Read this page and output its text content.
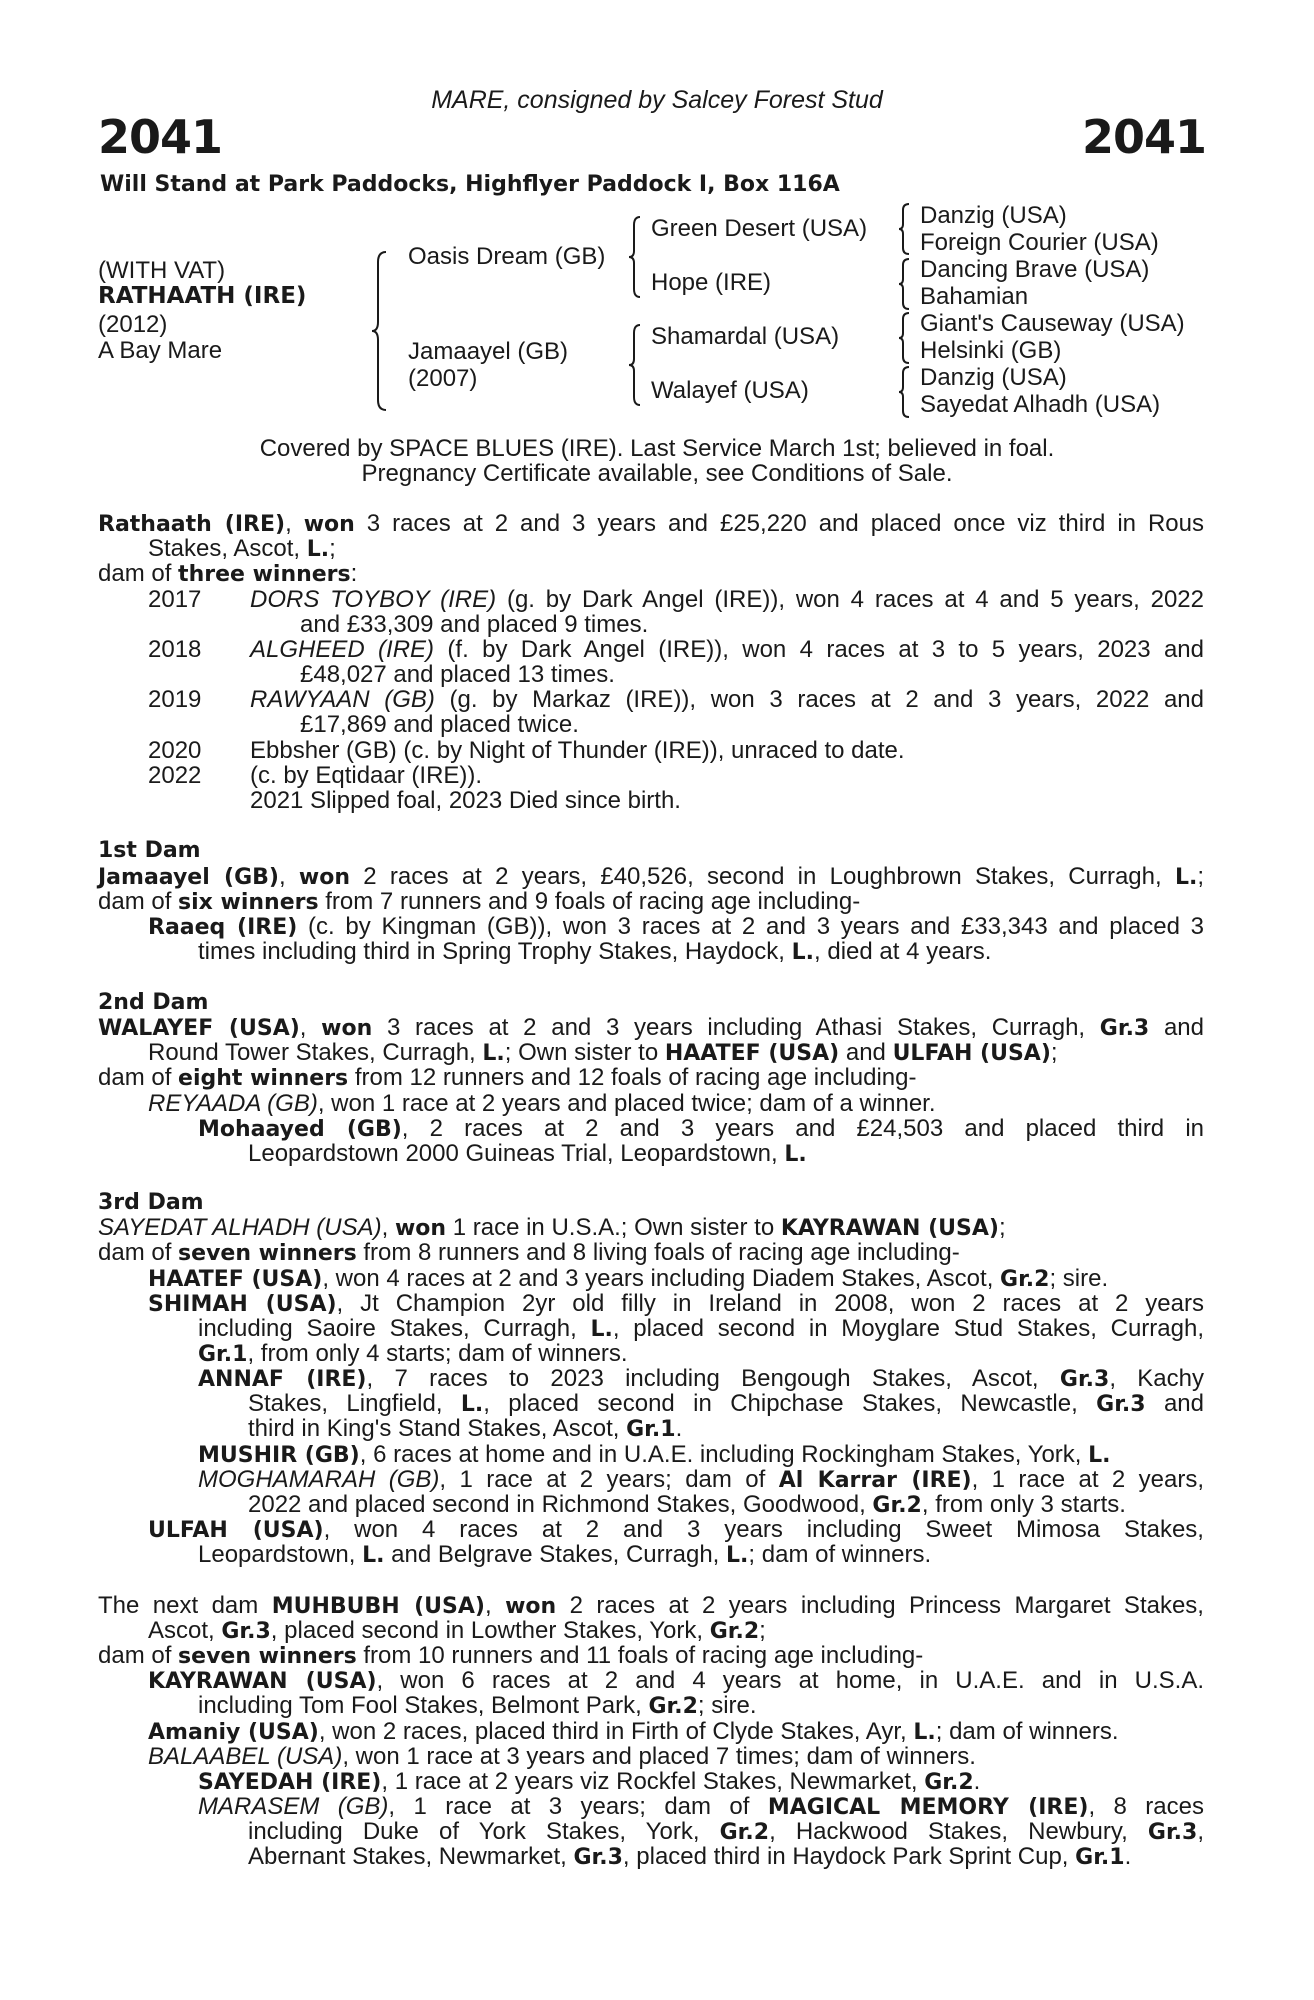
MARE, consigned by Salcey Forest Stud
2041	2041
Will Stand at Park Paddocks, Highflyer Paddock I, Box 116A
(WITH VAT)
RATHAATH (IRE)
(2012)
A Bay Mare
Oasis Dream (GB)
Jamaayel (GB)
(2007)
Green Desert (USA)
Hope (IRE)
Shamardal (USA)
Walayef (USA)
Danzig (USA)
Foreign Courier (USA)
Dancing Brave (USA)
Bahamian
Giant's Causeway (USA)
Helsinki (GB)
Danzig (USA)
Sayedat Alhadh (USA)
Covered by SPACE BLUES (IRE). Last Service March 1st; believed in foal.
Pregnancy Certificate available, see Conditions of Sale.
Rathaath (IRE), won 3 races at 2 and 3 years and £25,220 and placed once viz third in Rous
Stakes, Ascot, L.;
dam of three winners:
2017 DORS TOYBOY (IRE) (g. by Dark Angel (IRE)), won 4 races at 4 and 5 years, 2022
and £33,309 and placed 9 times.
2018 ALGHEED (IRE) (f. by Dark Angel (IRE)), won 4 races at 3 to 5 years, 2023 and
£48,027 and placed 13 times.
2019 RAWYAAN (GB) (g. by Markaz (IRE)), won 3 races at 2 and 3 years, 2022 and
£17,869 and placed twice.
2020 Ebbsher (GB) (c. by Night of Thunder (IRE)), unraced to date.
2022 (c. by Eqtidaar (IRE)).
2021 Slipped foal, 2023 Died since birth.
1st Dam
Jamaayel (GB), won 2 races at 2 years, £40,526, second in Loughbrown Stakes, Curragh, L.;
dam of six winners from 7 runners and 9 foals of racing age including-
Raaeq (IRE) (c. by Kingman (GB)), won 3 races at 2 and 3 years and £33,343 and placed 3
times including third in Spring Trophy Stakes, Haydock, L., died at 4 years.
2nd Dam
WALAYEF (USA), won 3 races at 2 and 3 years including Athasi Stakes, Curragh, Gr.3 and
Round Tower Stakes, Curragh, L.; Own sister to HAATEF (USA) and ULFAH (USA);
dam of eight winners from 12 runners and 12 foals of racing age including-
REYAADA (GB), won 1 race at 2 years and placed twice; dam of a winner.
Mohaayed (GB), 2 races at 2 and 3 years and £24,503 and placed third in
Leopardstown 2000 Guineas Trial, Leopardstown, L.
3rd Dam
SAYEDAT ALHADH (USA), won 1 race in U.S.A.; Own sister to KAYRAWAN (USA);
dam of seven winners from 8 runners and 8 living foals of racing age including-
HAATEF (USA), won 4 races at 2 and 3 years including Diadem Stakes, Ascot, Gr.2; sire.
SHIMAH (USA), Jt Champion 2yr old filly in Ireland in 2008, won 2 races at 2 years
including Saoire Stakes, Curragh, L., placed second in Moyglare Stud Stakes, Curragh,
Gr.1, from only 4 starts; dam of winners.
ANNAF (IRE), 7 races to 2023 including Bengough Stakes, Ascot, Gr.3, Kachy
Stakes, Lingfield, L., placed second in Chipchase Stakes, Newcastle, Gr.3 and
third in King's Stand Stakes, Ascot, Gr.1.
MUSHIR (GB), 6 races at home and in U.A.E. including Rockingham Stakes, York, L.
MOGHAMARAH (GB), 1 race at 2 years; dam of Al Karrar (IRE), 1 race at 2 years,
2022 and placed second in Richmond Stakes, Goodwood, Gr.2, from only 3 starts.
ULFAH (USA), won 4 races at 2 and 3 years including Sweet Mimosa Stakes,
Leopardstown, L. and Belgrave Stakes, Curragh, L.; dam of winners.
The next dam MUHBUBH (USA), won 2 races at 2 years including Princess Margaret Stakes,
Ascot, Gr.3, placed second in Lowther Stakes, York, Gr.2;
dam of seven winners from 10 runners and 11 foals of racing age including-
KAYRAWAN (USA), won 6 races at 2 and 4 years at home, in U.A.E. and in U.S.A.
including Tom Fool Stakes, Belmont Park, Gr.2; sire.
Amaniy (USA), won 2 races, placed third in Firth of Clyde Stakes, Ayr, L.; dam of winners.
BALAABEL (USA), won 1 race at 3 years and placed 7 times; dam of winners.
SAYEDAH (IRE), 1 race at 2 years viz Rockfel Stakes, Newmarket, Gr.2.
MARASEM (GB), 1 race at 3 years; dam of MAGICAL MEMORY (IRE), 8 races
including Duke of York Stakes, York, Gr.2, Hackwood Stakes, Newbury, Gr.3,
Abernant Stakes, Newmarket, Gr.3, placed third in Haydock Park Sprint Cup, Gr.1.
